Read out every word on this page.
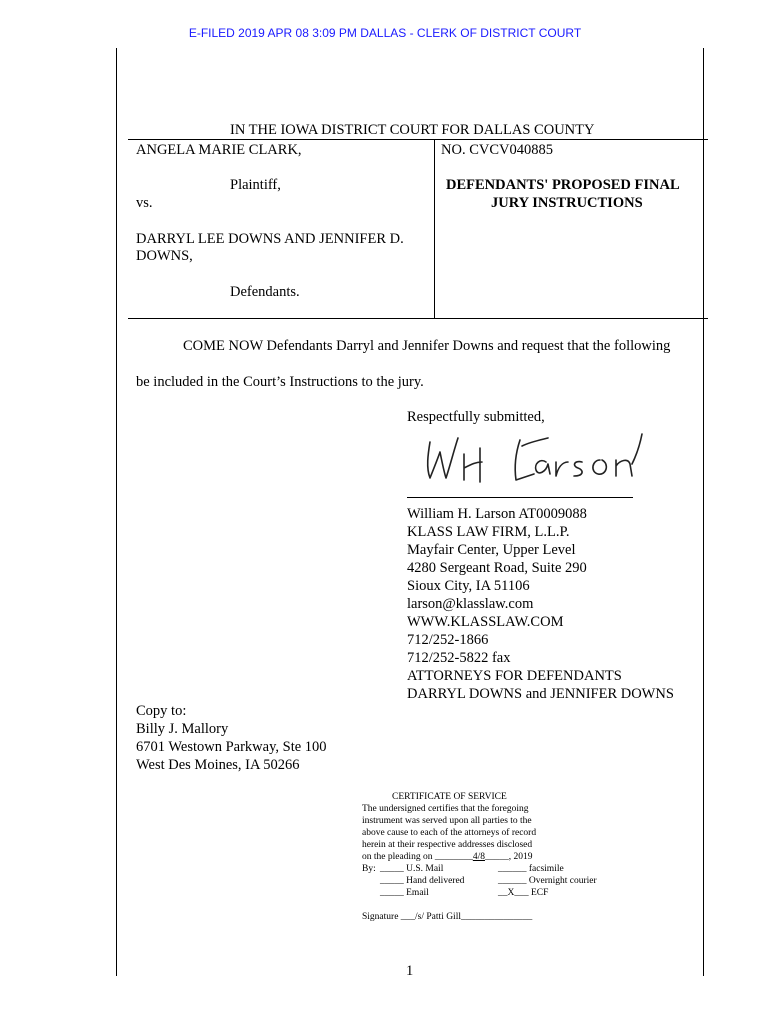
E-FILED 2019 APR 08 3:09 PM DALLAS - CLERK OF DISTRICT COURT
IN THE IOWA DISTRICT COURT FOR DALLAS COUNTY
ANGELA MARIE CLARK,
Plaintiff,
vs.
DARRYL LEE DOWNS AND JENNIFER D.
DOWNS,
Defendants.
NO. CVCV040885
DEFENDANTS' PROPOSED FINAL
JURY INSTRUCTIONS
COME NOW Defendants Darryl and Jennifer Downs and request that the following
be included in the Court’s Instructions to the jury.
Respectfully submitted,
William H. Larson AT0009088
KLASS LAW FIRM, L.L.P.
Mayfair Center, Upper Level
4280 Sergeant Road, Suite 290
Sioux City, IA 51106
larson@klasslaw.com
WWW.KLASSLAW.COM
712/252-1866
712/252-5822 fax
ATTORNEYS FOR DEFENDANTS
DARRYL DOWNS and JENNIFER DOWNS
Copy to:
Billy J. Mallory
6701 Westown Parkway, Ste 100
West Des Moines, IA 50266
CERTIFICATE OF SERVICE
The undersigned certifies that the foregoing
instrument was served upon all parties to the
above cause to each of the attorneys of record
herein at their respective addresses disclosed
on the pleading on ________4/8_____, 2019
By: _____ U.S. Mail
_____ Hand delivered
_____ Email
______ facsimile
______ Overnight courier
__X___ ECF
Signature ___/s/ Patti Gill_______________
1
